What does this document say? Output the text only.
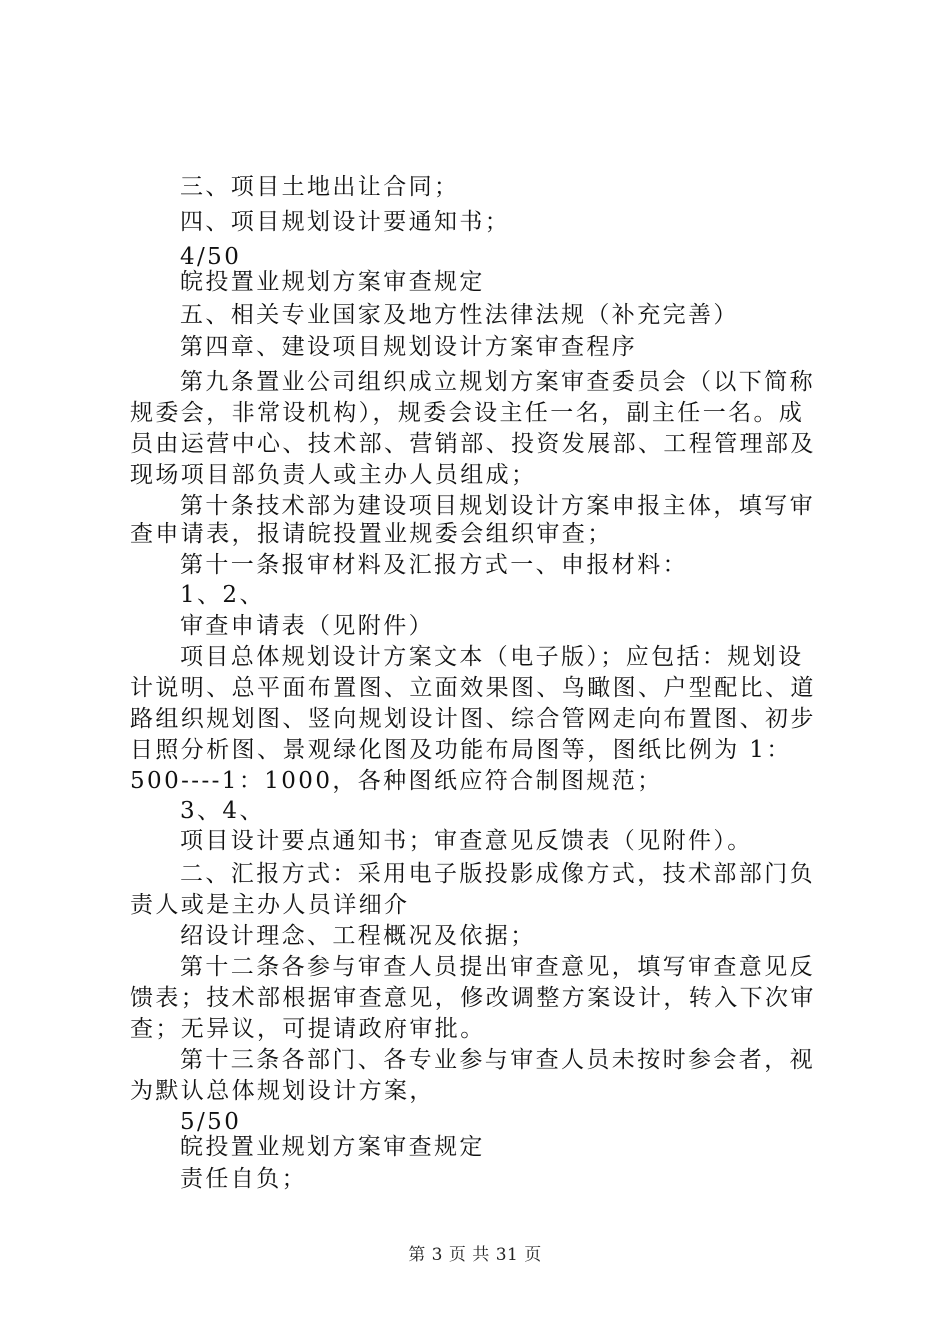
三、项目土地出让合同；
四、项目规划设计要通知书；
4/50
皖投置业规划方案审查规定
五、相关专业国家及地方性法律法规（补充完善）
第四章、建设项目规划设计方案审查程序
第九条置业公司组织成立规划方案审查委员会（以下简称
规委会，非常设机构），规委会设主任一名，副主任一名。成
员由运营中心、技术部、营销部、投资发展部、工程管理部及
现场项目部负责人或主办人员组成；
第十条技术部为建设项目规划设计方案申报主体，填写审
查申请表，报请皖投置业规委会组织审查；
第十一条报审材料及汇报方式一、申报材料：
1、2、
审查申请表（见附件）
项目总体规划设计方案文本（电子版）；应包括：规划设
计说明、总平面布置图、立面效果图、鸟瞰图、户型配比、道
路组织规划图、竖向规划设计图、综合管网走向布置图、初步
日照分析图、景观绿化图及功能布局图等，图纸比例为 1：
500----1：1000，各种图纸应符合制图规范；
3、4、
项目设计要点通知书；审查意见反馈表（见附件）。
二、汇报方式：采用电子版投影成像方式，技术部部门负
责人或是主办人员详细介
绍设计理念、工程概况及依据；
第十二条各参与审查人员提出审查意见，填写审查意见反
馈表；技术部根据审查意见，修改调整方案设计，转入下次审
查；无异议，可提请政府审批。
第十三条各部门、各专业参与审查人员未按时参会者，视
为默认总体规划设计方案，
5/50
皖投置业规划方案审查规定
责任自负；
第 3 页 共 31 页
